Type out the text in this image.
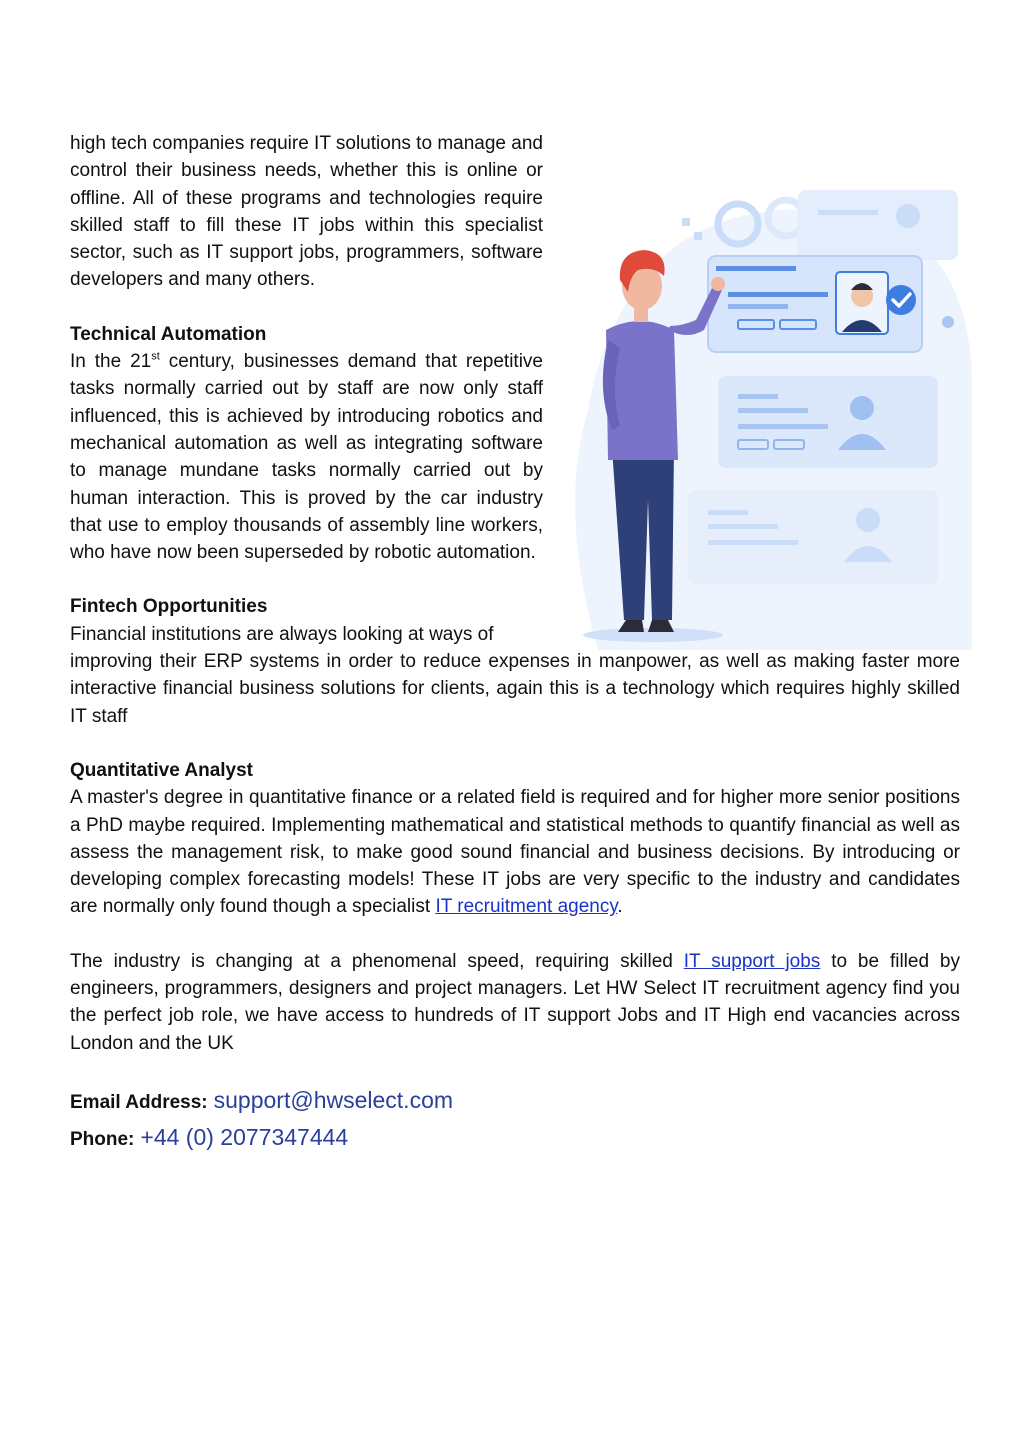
high tech companies require IT solutions to manage and control their business needs, whether this is online or offline. All of these programs and technologies require skilled staff to fill these IT jobs within this specialist sector, such as IT support jobs, programmers, software developers and many others.

Technical Automation

In the 21st century, businesses demand that repetitive tasks normally carried out by staff are now only staff influenced, this is achieved by introducing robotics and mechanical automation as well as integrating software to manage mundane tasks normally carried out by human interaction. This is proved by the car industry that use to employ thousands of assembly line workers, who have now been superseded by robotic automation.

Fintech Opportunities

Financial institutions are always looking at ways of

improving their ERP systems in order to reduce expenses in manpower, as well as making faster more interactive financial business solutions for clients, again this is a technology which requires highly skilled IT staff

Quantitative Analyst

A master's degree in quantitative finance or a related field is required and for higher more senior positions a PhD maybe required. Implementing mathematical and statistical methods to quantify financial as well as assess the management risk, to make good sound financial and business decisions. By introducing or developing complex forecasting models! These IT jobs are very specific to the industry and candidates are normally only found though a specialist IT recruitment agency.

The industry is changing at a phenomenal speed, requiring skilled IT support jobs to be filled by engineers, programmers, designers and project managers. Let HW Select IT recruitment agency find you the perfect job role, we have access to hundreds of IT support Jobs and IT High end vacancies across London and the UK

Email Address: support@hwselect.com
Phone: +44 (0) 2077347444
